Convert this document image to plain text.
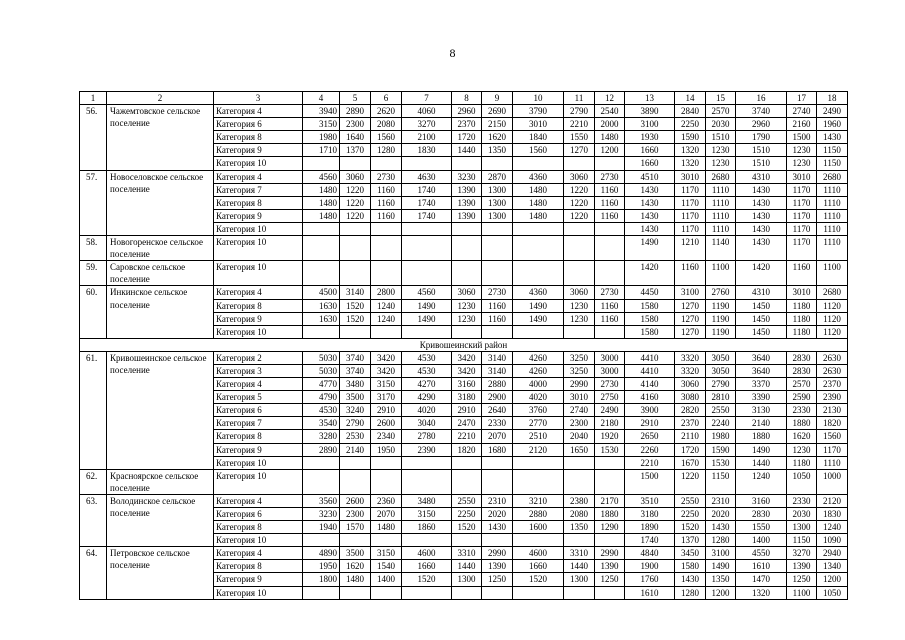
8
1	2	3	4	5	6	7	8	9	10	11	12	13	14	15	16	17	18
56.	Чажемтовское сельское поселение	Категория 4	3940	2890	2620	4060	2960	2690	3790	2790	2540	3890	2840	2570	3740	2740	2490
		Категория 6	3150	2300	2080	3270	2370	2150	3010	2210	2000	3100	2250	2030	2960	2160	1960
		Категория 8	1980	1640	1560	2100	1720	1620	1840	1550	1480	1930	1590	1510	1790	1500	1430
		Категория 9	1710	1370	1280	1830	1440	1350	1560	1270	1200	1660	1320	1230	1510	1230	1150
		Категория 10										1660	1320	1230	1510	1230	1150
57.	Новоселовское сельское поселение	Категория 4	4560	3060	2730	4630	3230	2870	4360	3060	2730	4510	3010	2680	4310	3010	2680
		Категория 7	1480	1220	1160	1740	1390	1300	1480	1220	1160	1430	1170	1110	1430	1170	1110
		Категория 8	1480	1220	1160	1740	1390	1300	1480	1220	1160	1430	1170	1110	1430	1170	1110
		Категория 9	1480	1220	1160	1740	1390	1300	1480	1220	1160	1430	1170	1110	1430	1170	1110
		Категория 10										1430	1170	1110	1430	1170	1110
58.	Новогоренское сельское поселение	Категория 10										1490	1210	1140	1430	1170	1110
59.	Саровское сельское поселение	Категория 10										1420	1160	1100	1420	1160	1100
60.	Инкинское сельское поселение	Категория 4	4500	3140	2800	4560	3060	2730	4360	3060	2730	4450	3100	2760	4310	3010	2680
		Категория 8	1630	1520	1240	1490	1230	1160	1490	1230	1160	1580	1270	1190	1450	1180	1120
		Категория 9	1630	1520	1240	1490	1230	1160	1490	1230	1160	1580	1270	1190	1450	1180	1120
		Категория 10										1580	1270	1190	1450	1180	1120
Кривошеинский район																	
61.	Кривошеинское сельское поселение	Категория 2	5030	3740	3420	4530	3420	3140	4260	3250	3000	4410	3320	3050	3640	2830	2630
		Категория 3	5030	3740	3420	4530	3420	3140	4260	3250	3000	4410	3320	3050	3640	2830	2630
		Категория 4	4770	3480	3150	4270	3160	2880	4000	2990	2730	4140	3060	2790	3370	2570	2370
		Категория 5	4790	3500	3170	4290	3180	2900	4020	3010	2750	4160	3080	2810	3390	2590	2390
		Категория 6	4530	3240	2910	4020	2910	2640	3760	2740	2490	3900	2820	2550	3130	2330	2130
		Категория 7	3540	2790	2600	3040	2470	2330	2770	2300	2180	2910	2370	2240	2140	1880	1820
		Категория 8	3280	2530	2340	2780	2210	2070	2510	2040	1920	2650	2110	1980	1880	1620	1560
		Категория 9	2890	2140	1950	2390	1820	1680	2120	1650	1530	2260	1720	1590	1490	1230	1170
		Категория 10										2210	1670	1530	1440	1180	1110
62.	Красноярское сельское поселение	Категория 10										1500	1220	1150	1240	1050	1000
63.	Володинское сельское поселение	Категория 4	3560	2600	2360	3480	2550	2310	3210	2380	2170	3510	2550	2310	3160	2330	2120
		Категория 6	3230	2300	2070	3150	2250	2020	2880	2080	1880	3180	2250	2020	2830	2030	1830
		Категория 8	1940	1570	1480	1860	1520	1430	1600	1350	1290	1890	1520	1430	1550	1300	1240
		Категория 10										1740	1370	1280	1400	1150	1090
64.	Петровское сельское поселение	Категория 4	4890	3500	3150	4600	3310	2990	4600	3310	2990	4840	3450	3100	4550	3270	2940
		Категория 8	1950	1620	1540	1660	1440	1390	1660	1440	1390	1900	1580	1490	1610	1390	1340
		Категория 9	1800	1480	1400	1520	1300	1250	1520	1300	1250	1760	1430	1350	1470	1250	1200
		Категория 10										1610	1280	1200	1320	1100	1050
